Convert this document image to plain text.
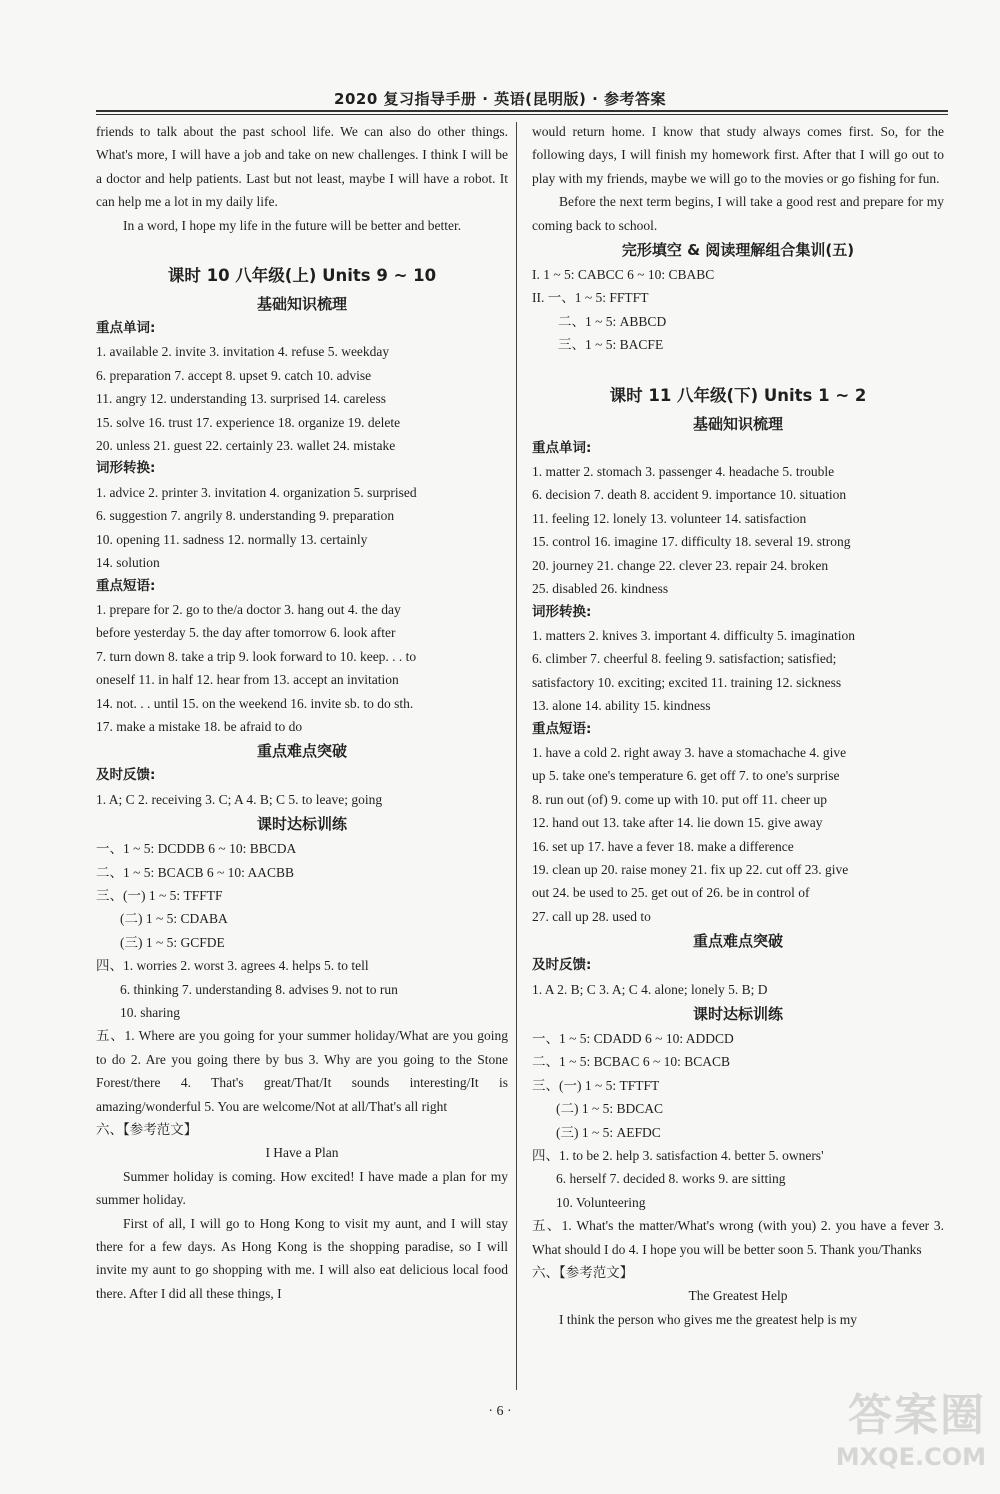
2020 复习指导手册 · 英语(昆明版) · 参考答案

friends to talk about the past school life. We can also do other things. What's more, I will have a job and take on new challenges. I think I will be a doctor and help patients. Last but not least, maybe I will have a robot. It can help me a lot in my daily life.

In a word, I hope my life in the future will be better and better.

课时 10 八年级(上) Units 9 ~ 10
基础知识梳理
重点单词:
1. available 2. invite 3. invitation 4. refuse 5. weekday
6. preparation 7. accept 8. upset 9. catch 10. advise
11. angry 12. understanding 13. surprised 14. careless
15. solve 16. trust 17. experience 18. organize 19. delete
20. unless 21. guest 22. certainly 23. wallet 24. mistake
词形转换:
1. advice 2. printer 3. invitation 4. organization 5. surprised
6. suggestion 7. angrily 8. understanding 9. preparation
10. opening 11. sadness 12. normally 13. certainly
14. solution
重点短语:
1. prepare for 2. go to the/a doctor 3. hang out 4. the day
before yesterday 5. the day after tomorrow 6. look after
7. turn down 8. take a trip 9. look forward to 10. keep. . . to
oneself 11. in half 12. hear from 13. accept an invitation
14. not. . . until 15. on the weekend 16. invite sb. to do sth.
17. make a mistake 18. be afraid to do
重点难点突破
及时反馈:
1. A; C 2. receiving 3. C; A 4. B; C 5. to leave; going
课时达标训练
一、1 ~ 5: DCDDB 6 ~ 10: BBCDA
二、1 ~ 5: BCACB 6 ~ 10: AACBB
三、(一) 1 ~ 5: TFFTF
(二) 1 ~ 5: CDABA
(三) 1 ~ 5: GCFDE
四、1. worries 2. worst 3. agrees 4. helps 5. to tell
6. thinking 7. understanding 8. advises 9. not to run
10. sharing

五、1. Where are you going for your summer holiday/What are you going to do 2. Are you going there by bus 3. Why are you going to the Stone Forest/there 4. That's great/That/It sounds interesting/It is amazing/wonderful 5. You are welcome/Not at all/That's all right

六、【参考范文】
I Have a Plan

Summer holiday is coming. How excited! I have made a plan for my summer holiday.

First of all, I will go to Hong Kong to visit my aunt, and I will stay there for a few days. As Hong Kong is the shopping paradise, so I will invite my aunt to go shopping with me. I will also eat delicious local food there. After I did all these things, I

would return home. I know that study always comes first. So, for the following days, I will finish my homework first. After that I will go out to play with my friends, maybe we will go to the movies or go fishing for fun.

Before the next term begins, I will take a good rest and prepare for my coming back to school.

完形填空 & 阅读理解组合集训(五)
I. 1 ~ 5: CABCC 6 ~ 10: CBABC
II. 一、1 ~ 5: FFTFT
二、1 ~ 5: ABBCD
三、1 ~ 5: BACFE
课时 11 八年级(下) Units 1 ~ 2
基础知识梳理
重点单词:
1. matter 2. stomach 3. passenger 4. headache 5. trouble
6. decision 7. death 8. accident 9. importance 10. situation
11. feeling 12. lonely 13. volunteer 14. satisfaction
15. control 16. imagine 17. difficulty 18. several 19. strong
20. journey 21. change 22. clever 23. repair 24. broken
25. disabled 26. kindness
词形转换:
1. matters 2. knives 3. important 4. difficulty 5. imagination
6. climber 7. cheerful 8. feeling 9. satisfaction; satisfied;
satisfactory 10. exciting; excited 11. training 12. sickness
13. alone 14. ability 15. kindness
重点短语:
1. have a cold 2. right away 3. have a stomachache 4. give
up 5. take one's temperature 6. get off 7. to one's surprise
8. run out (of) 9. come up with 10. put off 11. cheer up
12. hand out 13. take after 14. lie down 15. give away
16. set up 17. have a fever 18. make a difference
19. clean up 20. raise money 21. fix up 22. cut off 23. give
out 24. be used to 25. get out of 26. be in control of
27. call up 28. used to
重点难点突破
及时反馈:
1. A 2. B; C 3. A; C 4. alone; lonely 5. B; D
课时达标训练
一、1 ~ 5: CDADD 6 ~ 10: ADDCD
二、1 ~ 5: BCBAC 6 ~ 10: BCACB
三、(一) 1 ~ 5: TFTFT
(二) 1 ~ 5: BDCAC
(三) 1 ~ 5: AEFDC
四、1. to be 2. help 3. satisfaction 4. better 5. owners'
6. herself 7. decided 8. works 9. are sitting
10. Volunteering

五、1. What's the matter/What's wrong (with you) 2. you have a fever 3. What should I do 4. I hope you will be better soon 5. Thank you/Thanks

六、【参考范文】
The Greatest Help

I think the person who gives me the greatest help is my

· 6 ·	答案圈
MXQE.COM
